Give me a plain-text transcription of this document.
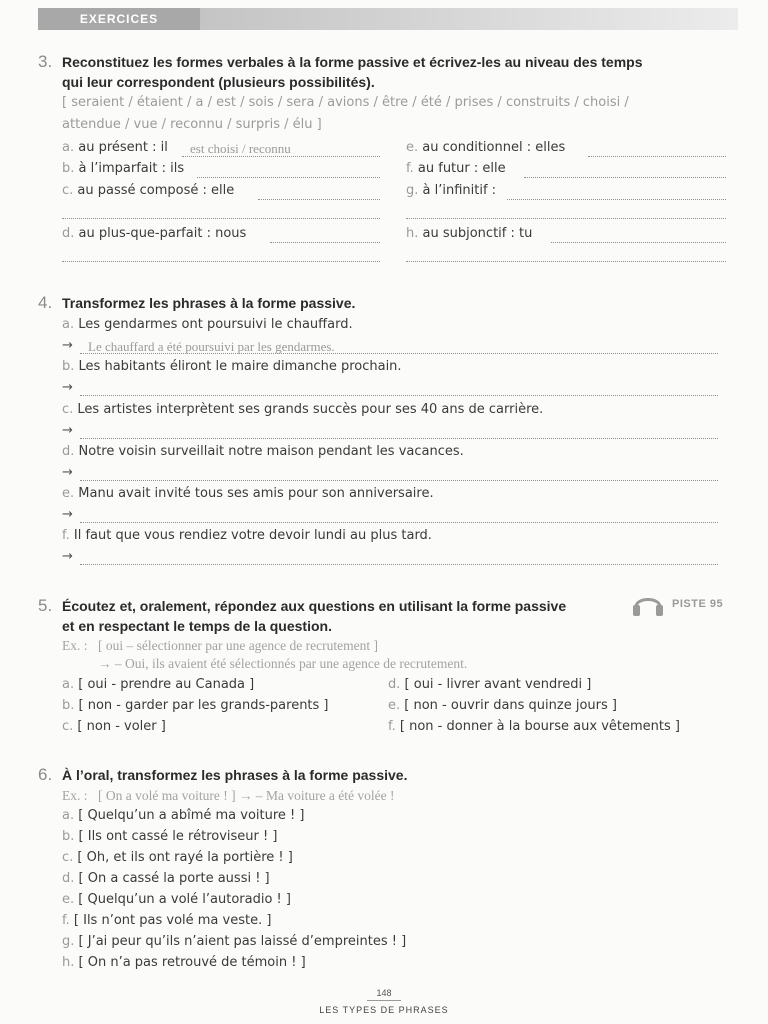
EXERCICES
3. Reconstituez les formes verbales à la forme passive et écrivez-les au niveau des temps
qui leur correspondent (plusieurs possibilités).
[ seraient / étaient / a / est / sois / sera / avions / être / été / prises / construits / choisi /
attendue / vue / reconnu / surpris / élu ]
a. au présent : il est choisi / reconnu
b. à l’imparfait : ils
c. au passé composé : elle
d. au plus-que-parfait : nous
e. au conditionnel : elles
f. au futur : elle
g. à l’infinitif :
h. au subjonctif : tu
4. Transformez les phrases à la forme passive.
a. Les gendarmes ont poursuivi le chauffard.
→ Le chauffard a été poursuivi par les gendarmes.
b. Les habitants éliront le maire dimanche prochain.
→
c. Les artistes interprètent ses grands succès pour ses 40 ans de carrière.
→
d. Notre voisin surveillait notre maison pendant les vacances.
→
e. Manu avait invité tous ses amis pour son anniversaire.
→
f. Il faut que vous rendiez votre devoir lundi au plus tard.
→
5. Écoutez et, oralement, répondez aux questions en utilisant la forme passive
et en respectant le temps de la question.
PISTE 95
Ex. : [ oui – sélectionner par une agence de recrutement ]
→ – Oui, ils avaient été sélectionnés par une agence de recrutement.
a. [ oui - prendre au Canada ]
b. [ non - garder par les grands-parents ]
c. [ non - voler ]
d. [ oui - livrer avant vendredi ]
e. [ non - ouvrir dans quinze jours ]
f. [ non - donner à la bourse aux vêtements ]
6. À l’oral, transformez les phrases à la forme passive.
Ex. : [ On a volé ma voiture ! ] → – Ma voiture a été volée !
a. [ Quelqu’un a abîmé ma voiture ! ]
b. [ Ils ont cassé le rétroviseur ! ]
c. [ Oh, et ils ont rayé la portière ! ]
d. [ On a cassé la porte aussi ! ]
e. [ Quelqu’un a volé l’autoradio ! ]
f. [ Ils n’ont pas volé ma veste. ]
g. [ J’ai peur qu’ils n’aient pas laissé d’empreintes ! ]
h. [ On n’a pas retrouvé de témoin ! ]
148
LES TYPES DE PHRASES
